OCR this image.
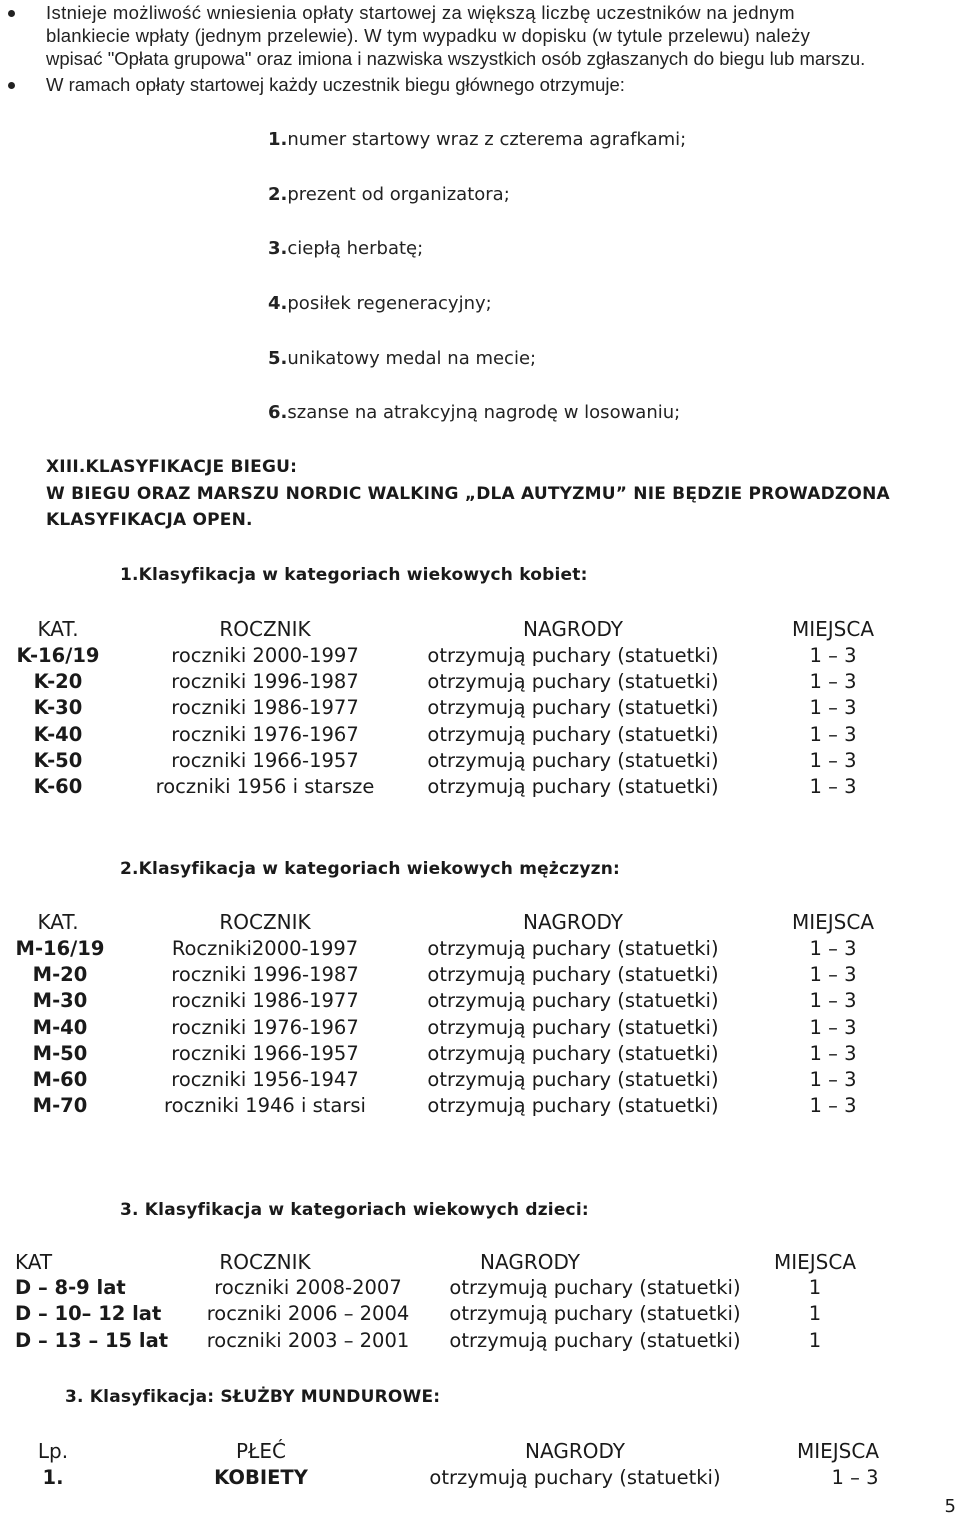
Istnieje możliwość wniesienia opłaty startowej za większą liczbę uczestników na jednym
blankiecie wpłaty (jednym przelewie). W tym wypadku w dopisku (w tytule przelewu) należy
wpisać "Opłata grupowa" oraz imiona i nazwiska wszystkich osób zgłaszanych do biegu lub marszu.
W ramach opłaty startowej każdy uczestnik biegu głównego otrzymuje:
1.numer startowy wraz z czterema agrafkami;
2.prezent od organizatora;
3.ciepłą herbatę;
4.posiłek regeneracyjny;
5.unikatowy medal na mecie;
6.szanse na atrakcyjną nagrodę w losowaniu;
XIII.KLASYFIKACJE BIEGU:
W BIEGU ORAZ MARSZU NORDIC WALKING „DLA AUTYZMU” NIE BĘDZIE PROWADZONA
KLASYFIKACJA OPEN.
1.Klasyfikacja w kategoriach wiekowych kobiet:
KAT.	ROCZNIK	NAGRODY	MIEJSCA
K-16/19	roczniki 2000-1997	otrzymują puchary (statuetki)	1 – 3
K-20	roczniki 1996-1987	otrzymują puchary (statuetki)	1 – 3
K-30	roczniki 1986-1977	otrzymują puchary (statuetki)	1 – 3
K-40	roczniki 1976-1967	otrzymują puchary (statuetki)	1 – 3
K-50	roczniki 1966-1957	otrzymują puchary (statuetki)	1 – 3
K-60	roczniki 1956 i starsze	otrzymują puchary (statuetki)	1 – 3
2.Klasyfikacja w kategoriach wiekowych mężczyzn:
KAT.	ROCZNIK	NAGRODY	MIEJSCA
M-16/19	Roczniki2000-1997	otrzymują puchary (statuetki)	1 – 3
M-20	roczniki 1996-1987	otrzymują puchary (statuetki)	1 – 3
M-30	roczniki 1986-1977	otrzymują puchary (statuetki)	1 – 3
M-40	roczniki 1976-1967	otrzymują puchary (statuetki)	1 – 3
M-50	roczniki 1966-1957	otrzymują puchary (statuetki)	1 – 3
M-60	roczniki 1956-1947	otrzymują puchary (statuetki)	1 – 3
M-70	roczniki 1946 i starsi	otrzymują puchary (statuetki)	1 – 3
3. Klasyfikacja w kategoriach wiekowych dzieci:
KAT	ROCZNIK	NAGRODY	MIEJSCA
D – 8-9 lat	roczniki 2008-2007 otrzymują puchary (statuetki)	1
D – 10– 12 lat roczniki 2006 – 2004 otrzymują puchary (statuetki)	1
D – 13 – 15 lat roczniki 2003 – 2001 otrzymują puchary (statuetki)	1
3. Klasyfikacja: SŁUŻBY MUNDUROWE:
Lp.	PŁEĆ	NAGRODY	MIEJSCA
1.	KOBIETY	otrzymują puchary (statuetki)	1 – 3
5
